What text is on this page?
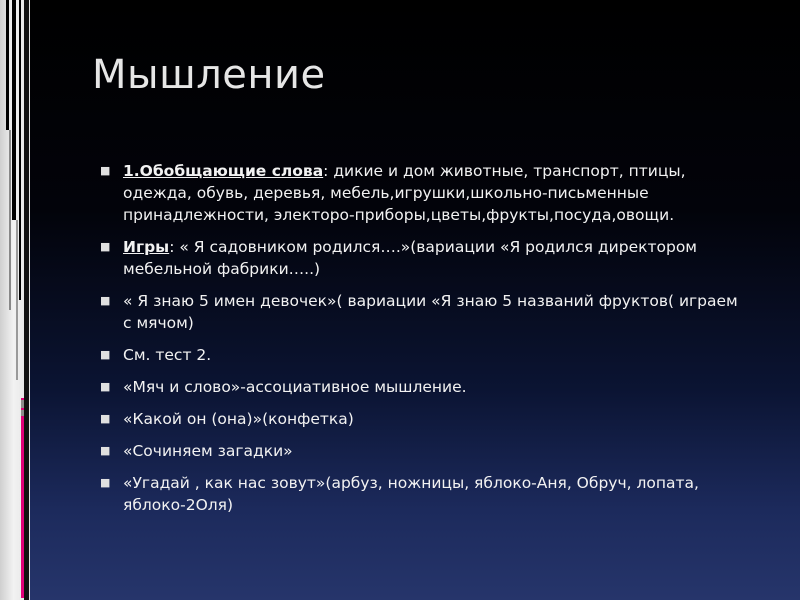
Мышление
■ 1.Обобщающие слова: дикие и дом животные, транспорт, птицы, одежда, обувь, деревья, мебель,игрушки,школьно-письменные принадлежности, электоро-приборы,цветы,фрукты,посуда,овощи.
■ Игры: « Я садовником родился….»(вариации «Я родился директором мебельной фабрики…..)
■ « Я знаю 5 имен девочек»( вариации «Я знаю 5 названий фруктов( играем с мячом)
■ См. тест 2.
■ «Мяч и слово»-ассоциативное мышление.
■ «Какой он (она)»(конфетка)
■ «Сочиняем загадки»
■ «Угадай , как нас зовут»(арбуз, ножницы, яблоко-Аня, Обруч, лопата, яблоко-2Оля)
